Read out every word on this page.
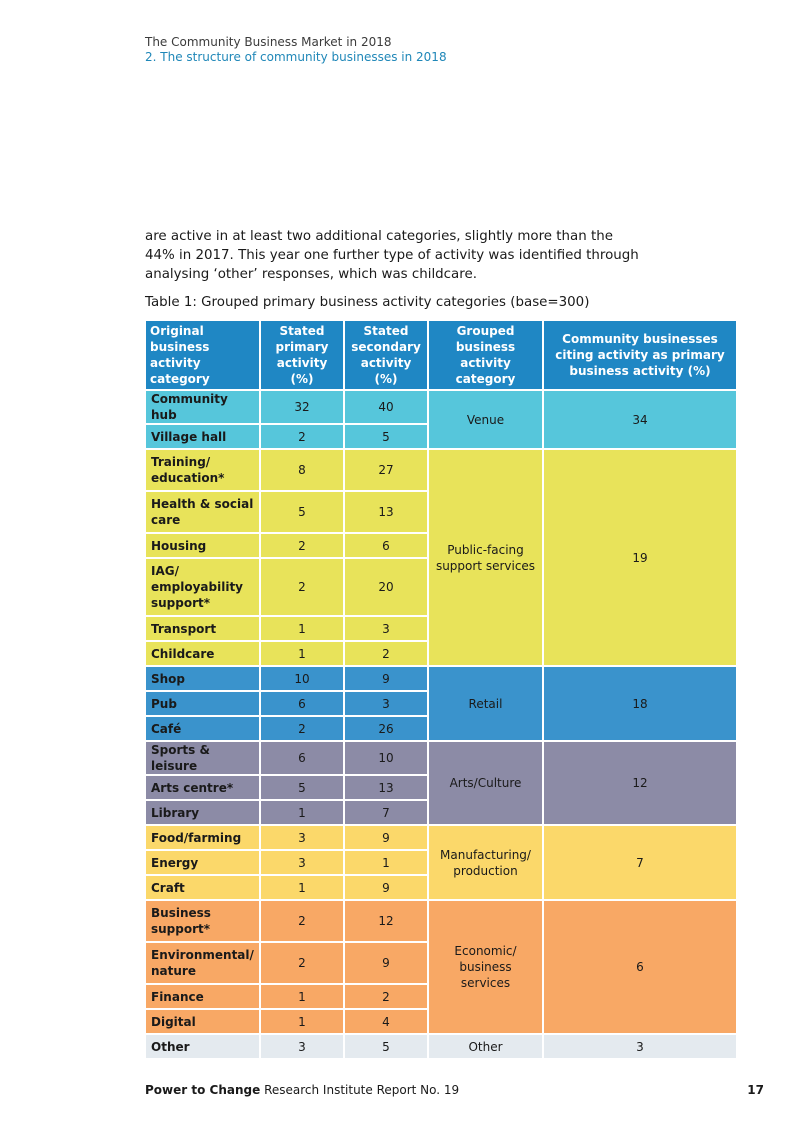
The Community Business Market in 2018
2. The structure of community businesses in 2018
are active in at least two additional categories, slightly more than the 44% in 2017. This year one further type of activity was identified through analysing ‘other’ responses, which was childcare.
Table 1: Grouped primary business activity categories (base=300)
Original business activity category	Stated primary activity (%)	Stated secondary activity (%)	Grouped business activity category	Community businesses citing activity as primary business activity (%)
Community hub	32	40	Venue	34
Village hall	2	5		
Training/ education*	8	27	Public-facing support services	19
Health & social care	5	13		
Housing	2	6		
IAG/ employability support*	2	20		
Transport	1	3		
Childcare	1	2		
Shop	10	9	Retail	18
Pub	6	3		
Café	2	26		
Sports & leisure	6	10	Arts/Culture	12
Arts centre*	5	13		
Library	1	7		
Food/farming	3	9	Manufacturing/ production	7
Energy	3	1		
Craft	1	9		
Business support*	2	12	Economic/ business services	6
Environmental/ nature	2	9		
Finance	1	2		
Digital	1	4		
Other	3	5	Other	3
Power to Change Research Institute Report No. 19	17
